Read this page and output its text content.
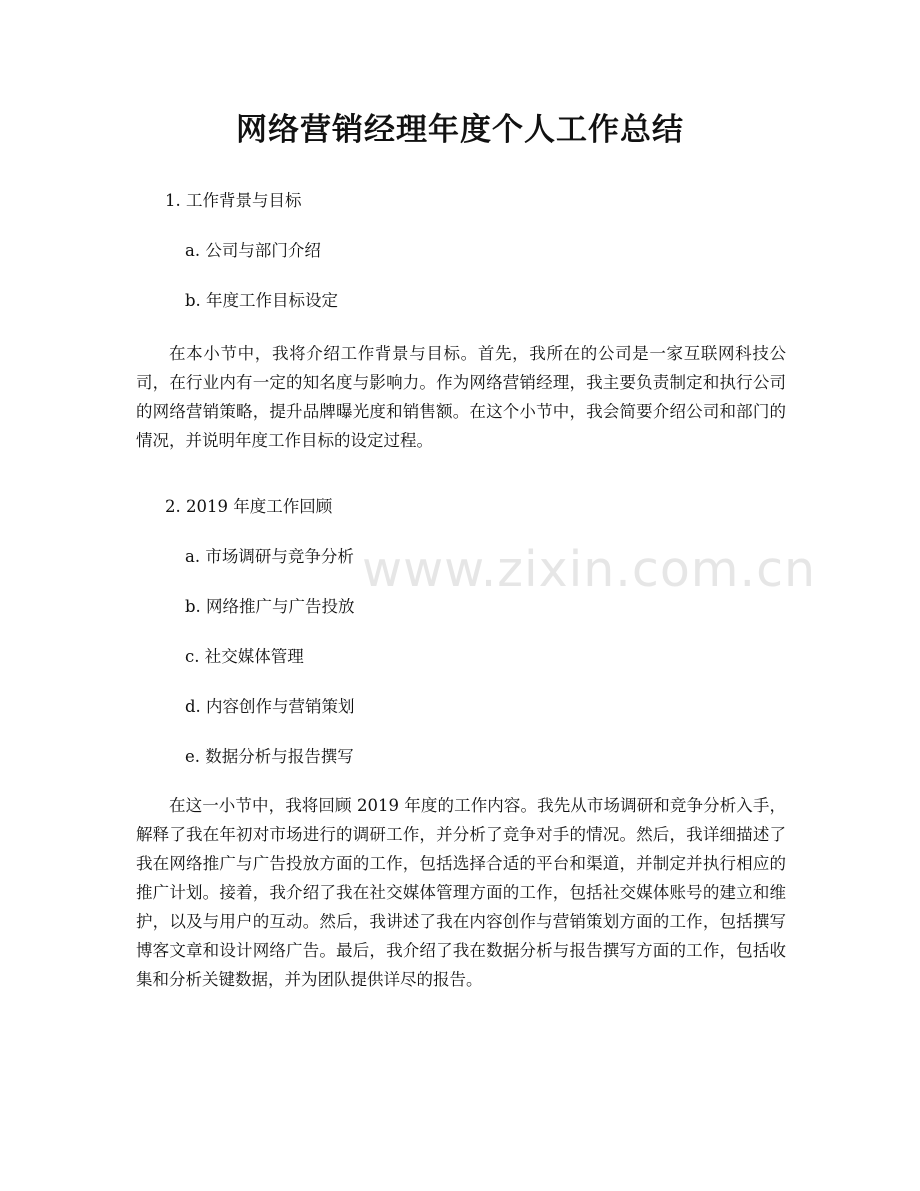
网络营销经理年度个人工作总结

1. 工作背景与目标

a. 公司与部门介绍

b. 年度工作目标设定

在本小节中，我将介绍工作背景与目标。首先，我所在的公司是一家互联网科技公司，在行业内有一定的知名度与影响力。作为网络营销经理，我主要负责制定和执行公司的网络营销策略，提升品牌曝光度和销售额。在这个小节中，我会简要介绍公司和部门的情况，并说明年度工作目标的设定过程。

2. 2019 年度工作回顾

a. 市场调研与竞争分析

b. 网络推广与广告投放

c. 社交媒体管理

d. 内容创作与营销策划

e. 数据分析与报告撰写

在这一小节中，我将回顾 2019 年度的工作内容。我先从市场调研和竞争分析入手，解释了我在年初对市场进行的调研工作，并分析了竞争对手的情况。然后，我详细描述了我在网络推广与广告投放方面的工作，包括选择合适的平台和渠道，并制定并执行相应的推广计划。接着，我介绍了我在社交媒体管理方面的工作，包括社交媒体账号的建立和维护，以及与用户的互动。然后，我讲述了我在内容创作与营销策划方面的工作，包括撰写博客文章和设计网络广告。最后，我介绍了我在数据分析与报告撰写方面的工作，包括收集和分析关键数据，并为团队提供详尽的报告。

www.zixin.com.cn
